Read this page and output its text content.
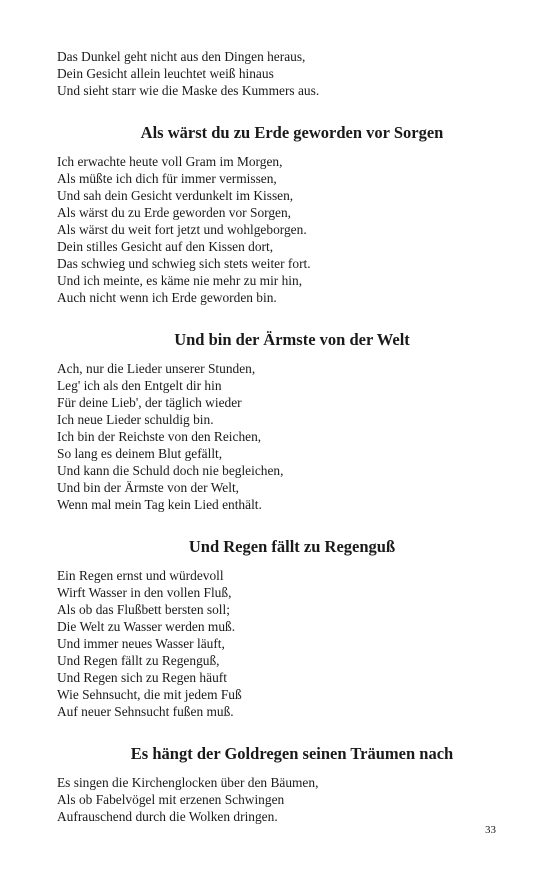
Das Dunkel geht nicht aus den Dingen heraus,
Dein Gesicht allein leuchtet weiß hinaus
Und sieht starr wie die Maske des Kummers aus.
Als wärst du zu Erde geworden vor Sorgen
Ich erwachte heute voll Gram im Morgen,
Als müßte ich dich für immer vermissen,
Und sah dein Gesicht verdunkelt im Kissen,
Als wärst du zu Erde geworden vor Sorgen,
Als wärst du weit fort jetzt und wohlgeborgen.
Dein stilles Gesicht auf den Kissen dort,
Das schwieg und schwieg sich stets weiter fort.
Und ich meinte, es käme nie mehr zu mir hin,
Auch nicht wenn ich Erde geworden bin.
Und bin der Ärmste von der Welt
Ach, nur die Lieder unserer Stunden,
Leg' ich als den Entgelt dir hin
Für deine Lieb', der täglich wieder
Ich neue Lieder schuldig bin.
Ich bin der Reichste von den Reichen,
So lang es deinem Blut gefällt,
Und kann die Schuld doch nie begleichen,
Und bin der Ärmste von der Welt,
Wenn mal mein Tag kein Lied enthält.
Und Regen fällt zu Regenguß
Ein Regen ernst und würdevoll
Wirft Wasser in den vollen Fluß,
Als ob das Flußbett bersten soll;
Die Welt zu Wasser werden muß.
Und immer neues Wasser läuft,
Und Regen fällt zu Regenguß,
Und Regen sich zu Regen häuft
Wie Sehnsucht, die mit jedem Fuß
Auf neuer Sehnsucht fußen muß.
Es hängt der Goldregen seinen Träumen nach
Es singen die Kirchenglocken über den Bäumen,
Als ob Fabelvögel mit erzenen Schwingen
Aufrauschend durch die Wolken dringen.
33
